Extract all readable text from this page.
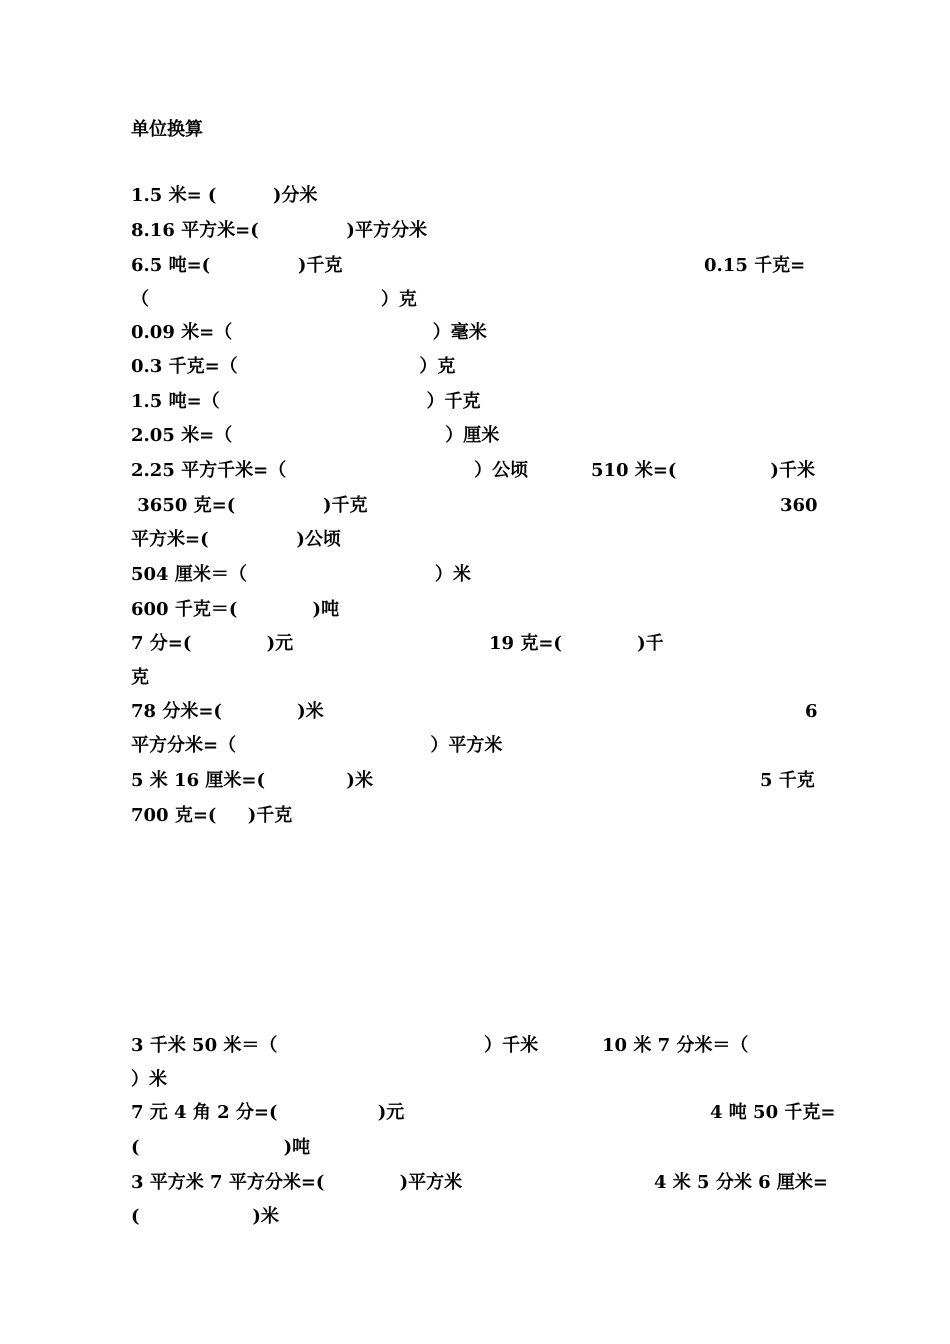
单位换算

1.5 米= (         )分米

8.16 平方米=(              )平方分米

6.5 吨=(              )千克	0.15 千克=

（                                     ）克

0.09 米=（                                ）毫米

0.3 千克=（                             ）克

1.5 吨=（                                 ）千克

2.05 米=（                                  ）厘米

2.25 平方千米=（                              ）公顷	510 米=(               )千米

3650 克=(              )千克	360

平方米=(              )公顷

504 厘米＝（                              ）米

600 千克＝(            )吨

7 分=(            )元	19 克=(            )千

克

78 分米=(            )米	6

平方分米=（                               ）平方米

5 米 16 厘米=(             )米	5 千克

700 克=(     )千克

3 千米 50 米＝（                                 ）千米	10 米 7 分米＝（

）米

7 元 4 角 2 分=(                )元	4 吨 50 千克=

(                       )吨

3 平方米 7 平方分米=(            )平方米	4 米 5 分米 6 厘米=

(                  )米
